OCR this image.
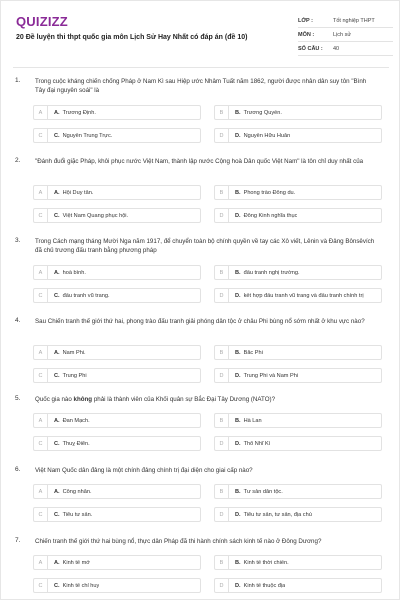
QUIZIZZ
20 Đề luyện thi thpt quốc gia môn Lịch Sử Hay Nhất có đáp án (đề 10)
LỚP :	Tốt nghiệp THPT
MÔN :	Lịch sử
SỐ CÂU :	40
1. Trong cuộc kháng chiến chống Pháp ở Nam Kì sau Hiệp ước Nhâm Tuất năm 1862, người được nhân dân suy tôn "Bình Tây đại nguyên soái" là
A	A. Trương Định.	B	B. Trương Quyền.
C	C. Nguyễn Trung Trực.	D	D. Nguyễn Hữu Huân
2. "Đánh đuổi giặc Pháp, khôi phục nước Việt Nam, thành lập nước Cộng hoà Dân quốc Việt Nam" là tôn chỉ duy nhất của
A	A. Hội Duy tân.	B	B. Phong trào Đông du.
C	C. Việt Nam Quang phục hội.	D	D. Đông Kinh nghĩa thục
3. Trong Cách mạng tháng Mười Nga năm 1917, để chuyển toàn bộ chính quyền về tay các Xô viết, Lênin và Đảng Bônsêvích đã chủ trương đấu tranh bằng phương pháp
A	A. hoà bình.	B	B. đấu tranh nghị trường.
C	C. đấu tranh vũ trang.	D	D. kết hợp đấu tranh vũ trang và đấu tranh chính trị
4. Sau Chiến tranh thế giới thứ hai, phong trào đấu tranh giải phóng dân tộc ở châu Phi bùng nổ sớm nhất ở khu vực nào?
A	A. Nam Phi.	B	B. Bắc Phi
C	C. Trung Phi	D	D. Trung Phi và Nam Phi
5. Quốc gia nào không phải là thành viên của Khối quân sự Bắc Đại Tây Dương (NATO)?
A	A. Đan Mạch.	B	B. Hà Lan
C	C. Thuỵ Điển.	D	D. Thổ Nhĩ Kì
6. Việt Nam Quốc dân đảng là một chính đảng chính trị đại diện cho giai cấp nào?
A	A. Công nhân.	B	B. Tư sản dân tộc.
C	C. Tiểu tư sản.	D	D. Tiểu tư sản, tư sản, địa chủ
7. Chiến tranh thế giới thứ hai bùng nổ, thực dân Pháp đã thi hành chính sách kinh tế nào ở Đông Dương?
A	A. Kinh tế mở	B	B. Kinh tế thời chiến.
C	C. Kinh tế chỉ huy	D	D. Kinh tế thuộc địa
